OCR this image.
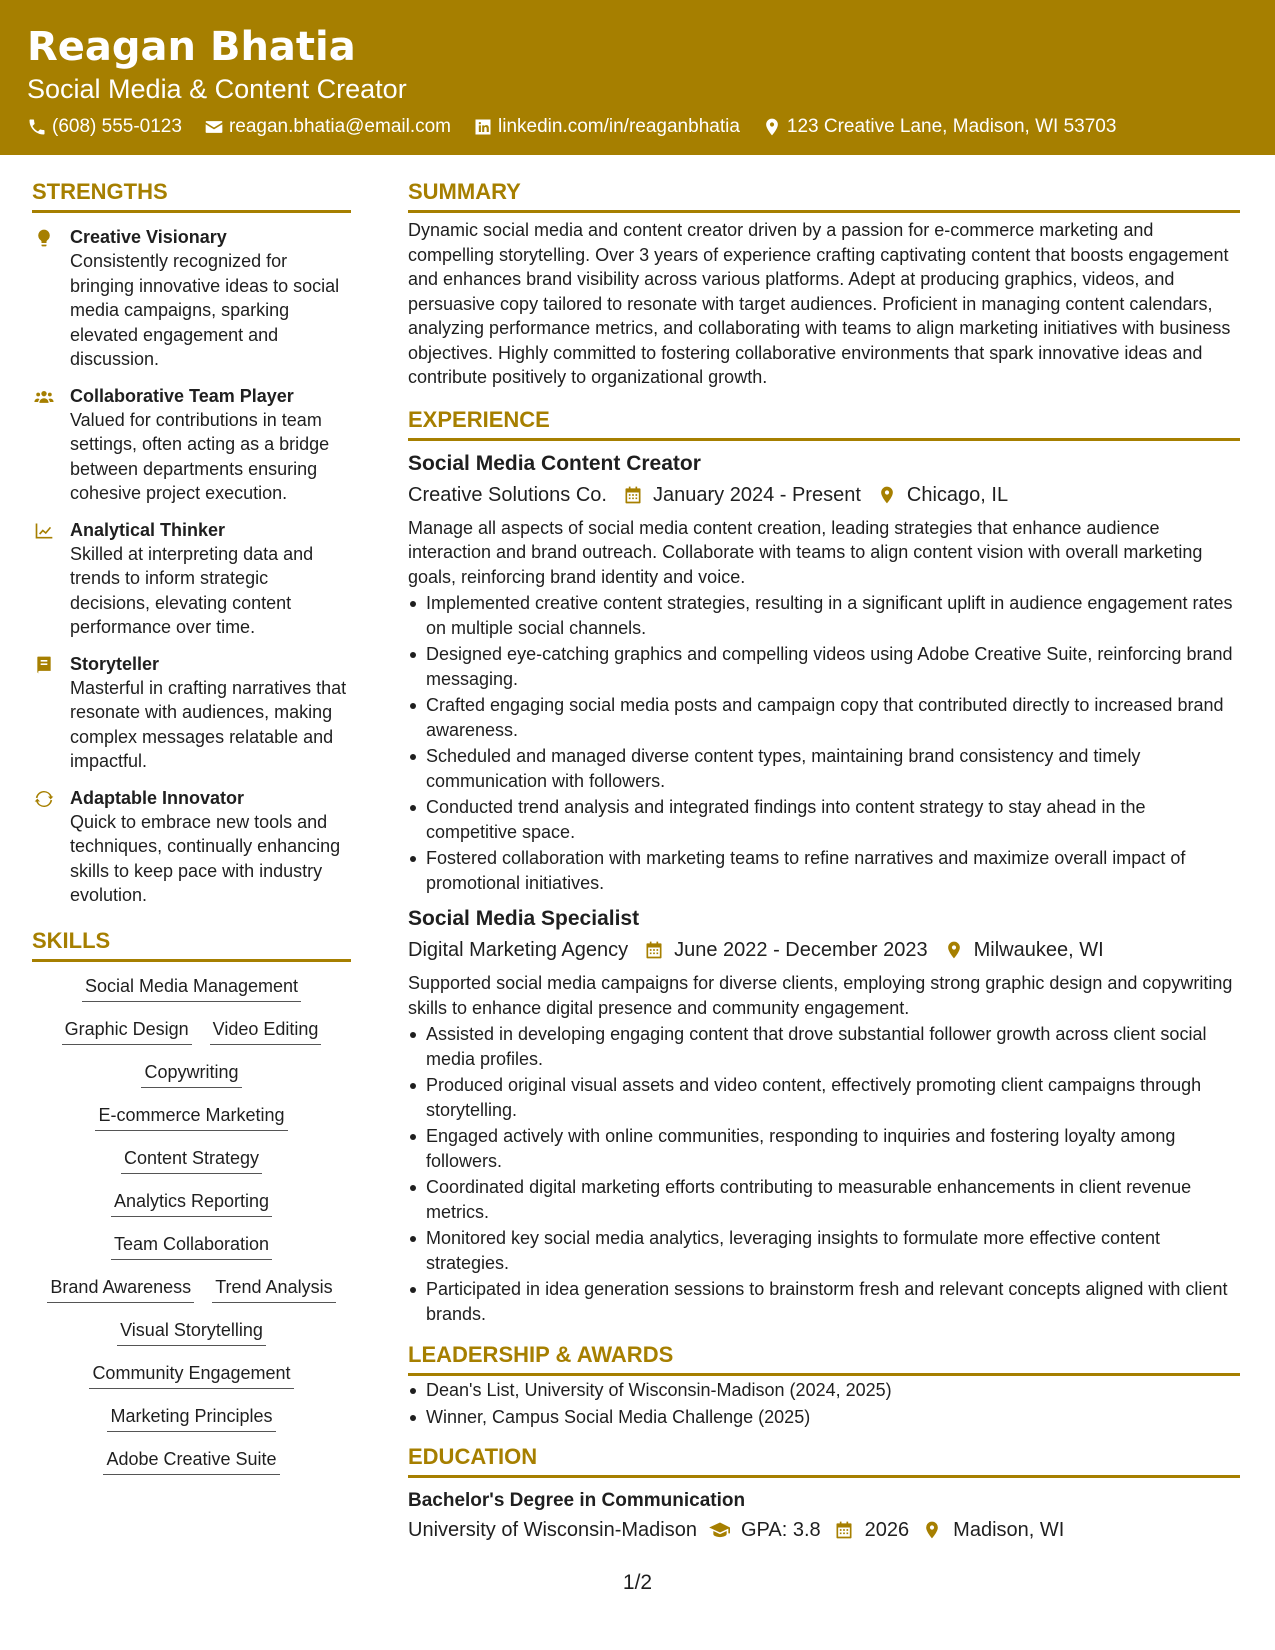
Reagan Bhatia
Social Media & Content Creator
(608) 555-0123 reagan.bhatia@email.com linkedin.com/in/reaganbhatia 123 Creative Lane, Madison, WI 53703
STRENGTHS
Creative Visionary
Consistently recognized for bringing innovative ideas to social media campaigns, sparking elevated engagement and discussion.
Collaborative Team Player
Valued for contributions in team settings, often acting as a bridge between departments ensuring cohesive project execution.
Analytical Thinker
Skilled at interpreting data and trends to inform strategic decisions, elevating content performance over time.
Storyteller
Masterful in crafting narratives that resonate with audiences, making complex messages relatable and impactful.
Adaptable Innovator
Quick to embrace new tools and techniques, continually enhancing skills to keep pace with industry evolution.
SKILLS
Social Media Management
Graphic Design Video Editing
Copywriting
E-commerce Marketing
Content Strategy
Analytics Reporting
Team Collaboration
Brand Awareness Trend Analysis
Visual Storytelling
Community Engagement
Marketing Principles
Adobe Creative Suite
SUMMARY
Dynamic social media and content creator driven by a passion for e-commerce marketing and compelling storytelling. Over 3 years of experience crafting captivating content that boosts engagement and enhances brand visibility across various platforms. Adept at producing graphics, videos, and persuasive copy tailored to resonate with target audiences. Proficient in managing content calendars, analyzing performance metrics, and collaborating with teams to align marketing initiatives with business objectives. Highly committed to fostering collaborative environments that spark innovative ideas and contribute positively to organizational growth.
EXPERIENCE
Social Media Content Creator
Creative Solutions Co. January 2024 - Present Chicago, IL
Manage all aspects of social media content creation, leading strategies that enhance audience interaction and brand outreach. Collaborate with teams to align content vision with overall marketing goals, reinforcing brand identity and voice.
Implemented creative content strategies, resulting in a significant uplift in audience engagement rates on multiple social channels.
Designed eye-catching graphics and compelling videos using Adobe Creative Suite, reinforcing brand messaging.
Crafted engaging social media posts and campaign copy that contributed directly to increased brand awareness.
Scheduled and managed diverse content types, maintaining brand consistency and timely communication with followers.
Conducted trend analysis and integrated findings into content strategy to stay ahead in the competitive space.
Fostered collaboration with marketing teams to refine narratives and maximize overall impact of promotional initiatives.
Social Media Specialist
Digital Marketing Agency June 2022 - December 2023 Milwaukee, WI
Supported social media campaigns for diverse clients, employing strong graphic design and copywriting skills to enhance digital presence and community engagement.
Assisted in developing engaging content that drove substantial follower growth across client social media profiles.
Produced original visual assets and video content, effectively promoting client campaigns through storytelling.
Engaged actively with online communities, responding to inquiries and fostering loyalty among followers.
Coordinated digital marketing efforts contributing to measurable enhancements in client revenue metrics.
Monitored key social media analytics, leveraging insights to formulate more effective content strategies.
Participated in idea generation sessions to brainstorm fresh and relevant concepts aligned with client brands.
LEADERSHIP & AWARDS
Dean's List, University of Wisconsin-Madison (2024, 2025)
Winner, Campus Social Media Challenge (2025)
EDUCATION
Bachelor's Degree in Communication
University of Wisconsin-Madison GPA: 3.8 2026 Madison, WI
1/2
